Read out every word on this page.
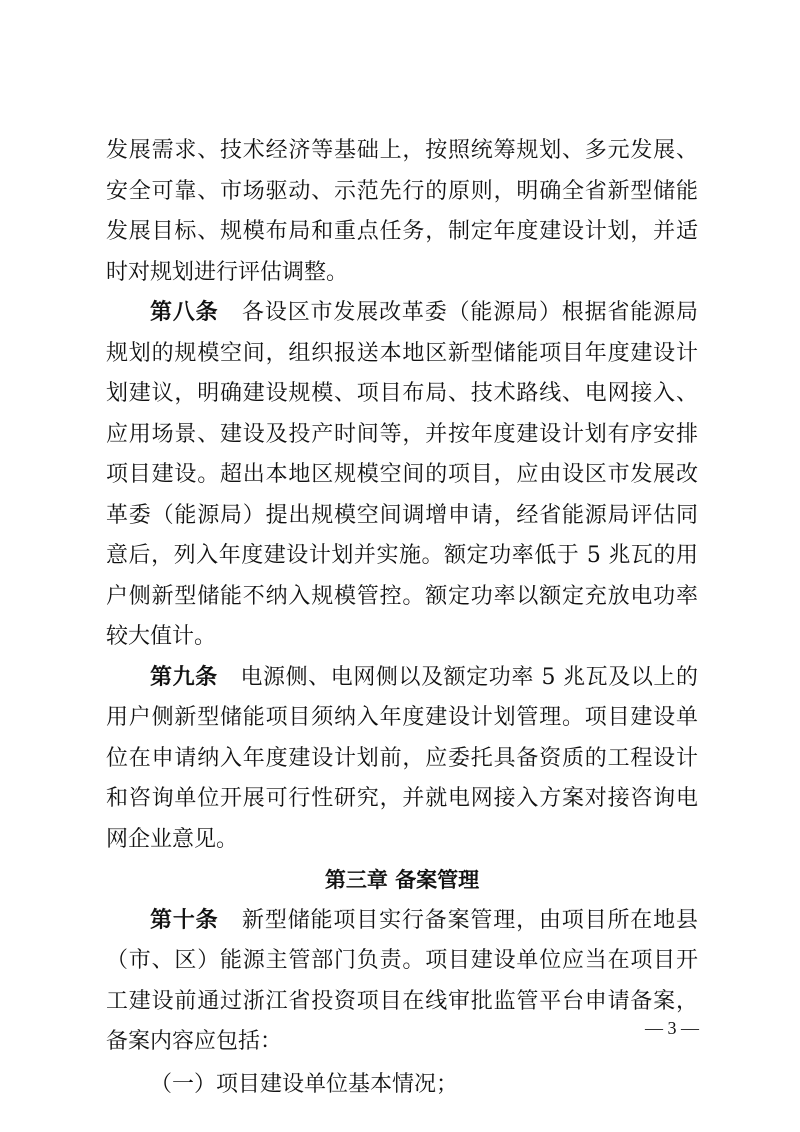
发展需求、技术经济等基础上，按照统筹规划、多元发展、安全可靠、市场驱动、示范先行的原则，明确全省新型储能发展目标、规模布局和重点任务，制定年度建设计划，并适时对规划进行评估调整。

第八条 各设区市发展改革委（能源局）根据省能源局规划的规模空间，组织报送本地区新型储能项目年度建设计划建议，明确建设规模、项目布局、技术路线、电网接入、应用场景、建设及投产时间等，并按年度建设计划有序安排项目建设。超出本地区规模空间的项目，应由设区市发展改革委（能源局）提出规模空间调增申请，经省能源局评估同意后，列入年度建设计划并实施。额定功率低于 5 兆瓦的用户侧新型储能不纳入规模管控。额定功率以额定充放电功率较大值计。

第九条 电源侧、电网侧以及额定功率 5 兆瓦及以上的用户侧新型储能项目须纳入年度建设计划管理。项目建设单位在申请纳入年度建设计划前，应委托具备资质的工程设计和咨询单位开展可行性研究，并就电网接入方案对接咨询电网企业意见。

第三章 备案管理

第十条 新型储能项目实行备案管理，由项目所在地县（市、区）能源主管部门负责。项目建设单位应当在项目开工建设前通过浙江省投资项目在线审批监管平台申请备案，备案内容应包括：

（一）项目建设单位基本情况；

— 3 —
